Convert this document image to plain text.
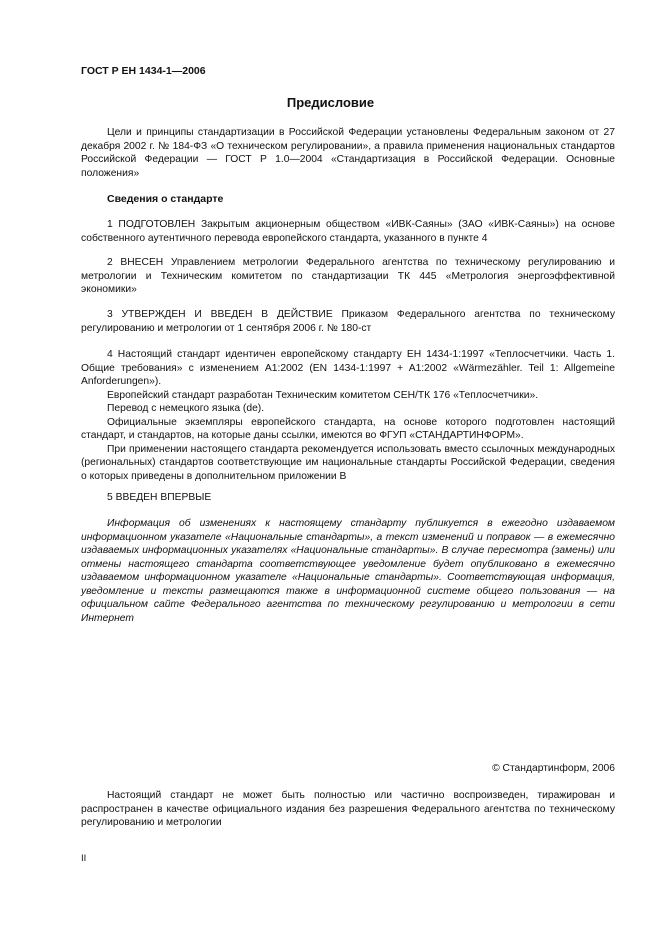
ГОСТ Р ЕН 1434-1—2006
Предисловие

Цели и принципы стандартизации в Российской Федерации установлены Федеральным законом от 27 декабря 2002 г. № 184-ФЗ «О техническом регулировании», а правила применения национальных стандартов Российской Федерации — ГОСТ Р 1.0—2004 «Стандартизация в Российской Федерации. Основные положения»

Сведения о стандарте

1 ПОДГОТОВЛЕН Закрытым акционерным обществом «ИВК-Саяны» (ЗАО «ИВК-Саяны») на основе собственного аутентичного перевода европейского стандарта, указанного в пункте 4

2 ВНЕСЕН Управлением метрологии Федерального агентства по техническому регулированию и метрологии и Техническим комитетом по стандартизации ТК 445 «Метрология энергоэффективной экономики»

3 УТВЕРЖДЕН И ВВЕДЕН В ДЕЙСТВИЕ Приказом Федерального агентства по техническому регулированию и метрологии от 1 сентября 2006 г. № 180-ст

4 Настоящий стандарт идентичен европейскому стандарту ЕН 1434-1:1997 «Теплосчетчики. Часть 1. Общие требования» с изменением А1:2002 (EN 1434-1:1997 + A1:2002 «Wärmezähler. Teil 1: Allgemeine Anforderungen»).

Европейский стандарт разработан Техническим комитетом СЕН/ТК 176 «Теплосчетчики».

Перевод с немецкого языка (de).

Официальные экземпляры европейского стандарта, на основе которого подготовлен настоящий стандарт, и стандартов, на которые даны ссылки, имеются во ФГУП «СТАНДАРТИНФОРМ».

При применении настоящего стандарта рекомендуется использовать вместо ссылочных международных (региональных) стандартов соответствующие им национальные стандарты Российской Федерации, сведения о которых приведены в дополнительном приложении В

5 ВВЕДЕН ВПЕРВЫЕ

Информация об изменениях к настоящему стандарту публикуется в ежегодно издаваемом информационном указателе «Национальные стандарты», а текст изменений и поправок — в ежемесячно издаваемых информационных указателях «Национальные стандарты». В случае пересмотра (замены) или отмены настоящего стандарта соответствующее уведомление будет опубликовано в ежемесячно издаваемом информационном указателе «Национальные стандарты». Соответствующая информация, уведомление и тексты размещаются также в информационной системе общего пользования — на официальном сайте Федерального агентства по техническому регулированию и метрологии в сети Интернет

© Стандартинформ, 2006

Настоящий стандарт не может быть полностью или частично воспроизведен, тиражирован и распространен в качестве официального издания без разрешения Федерального агентства по техническому регулированию и метрологии

II
